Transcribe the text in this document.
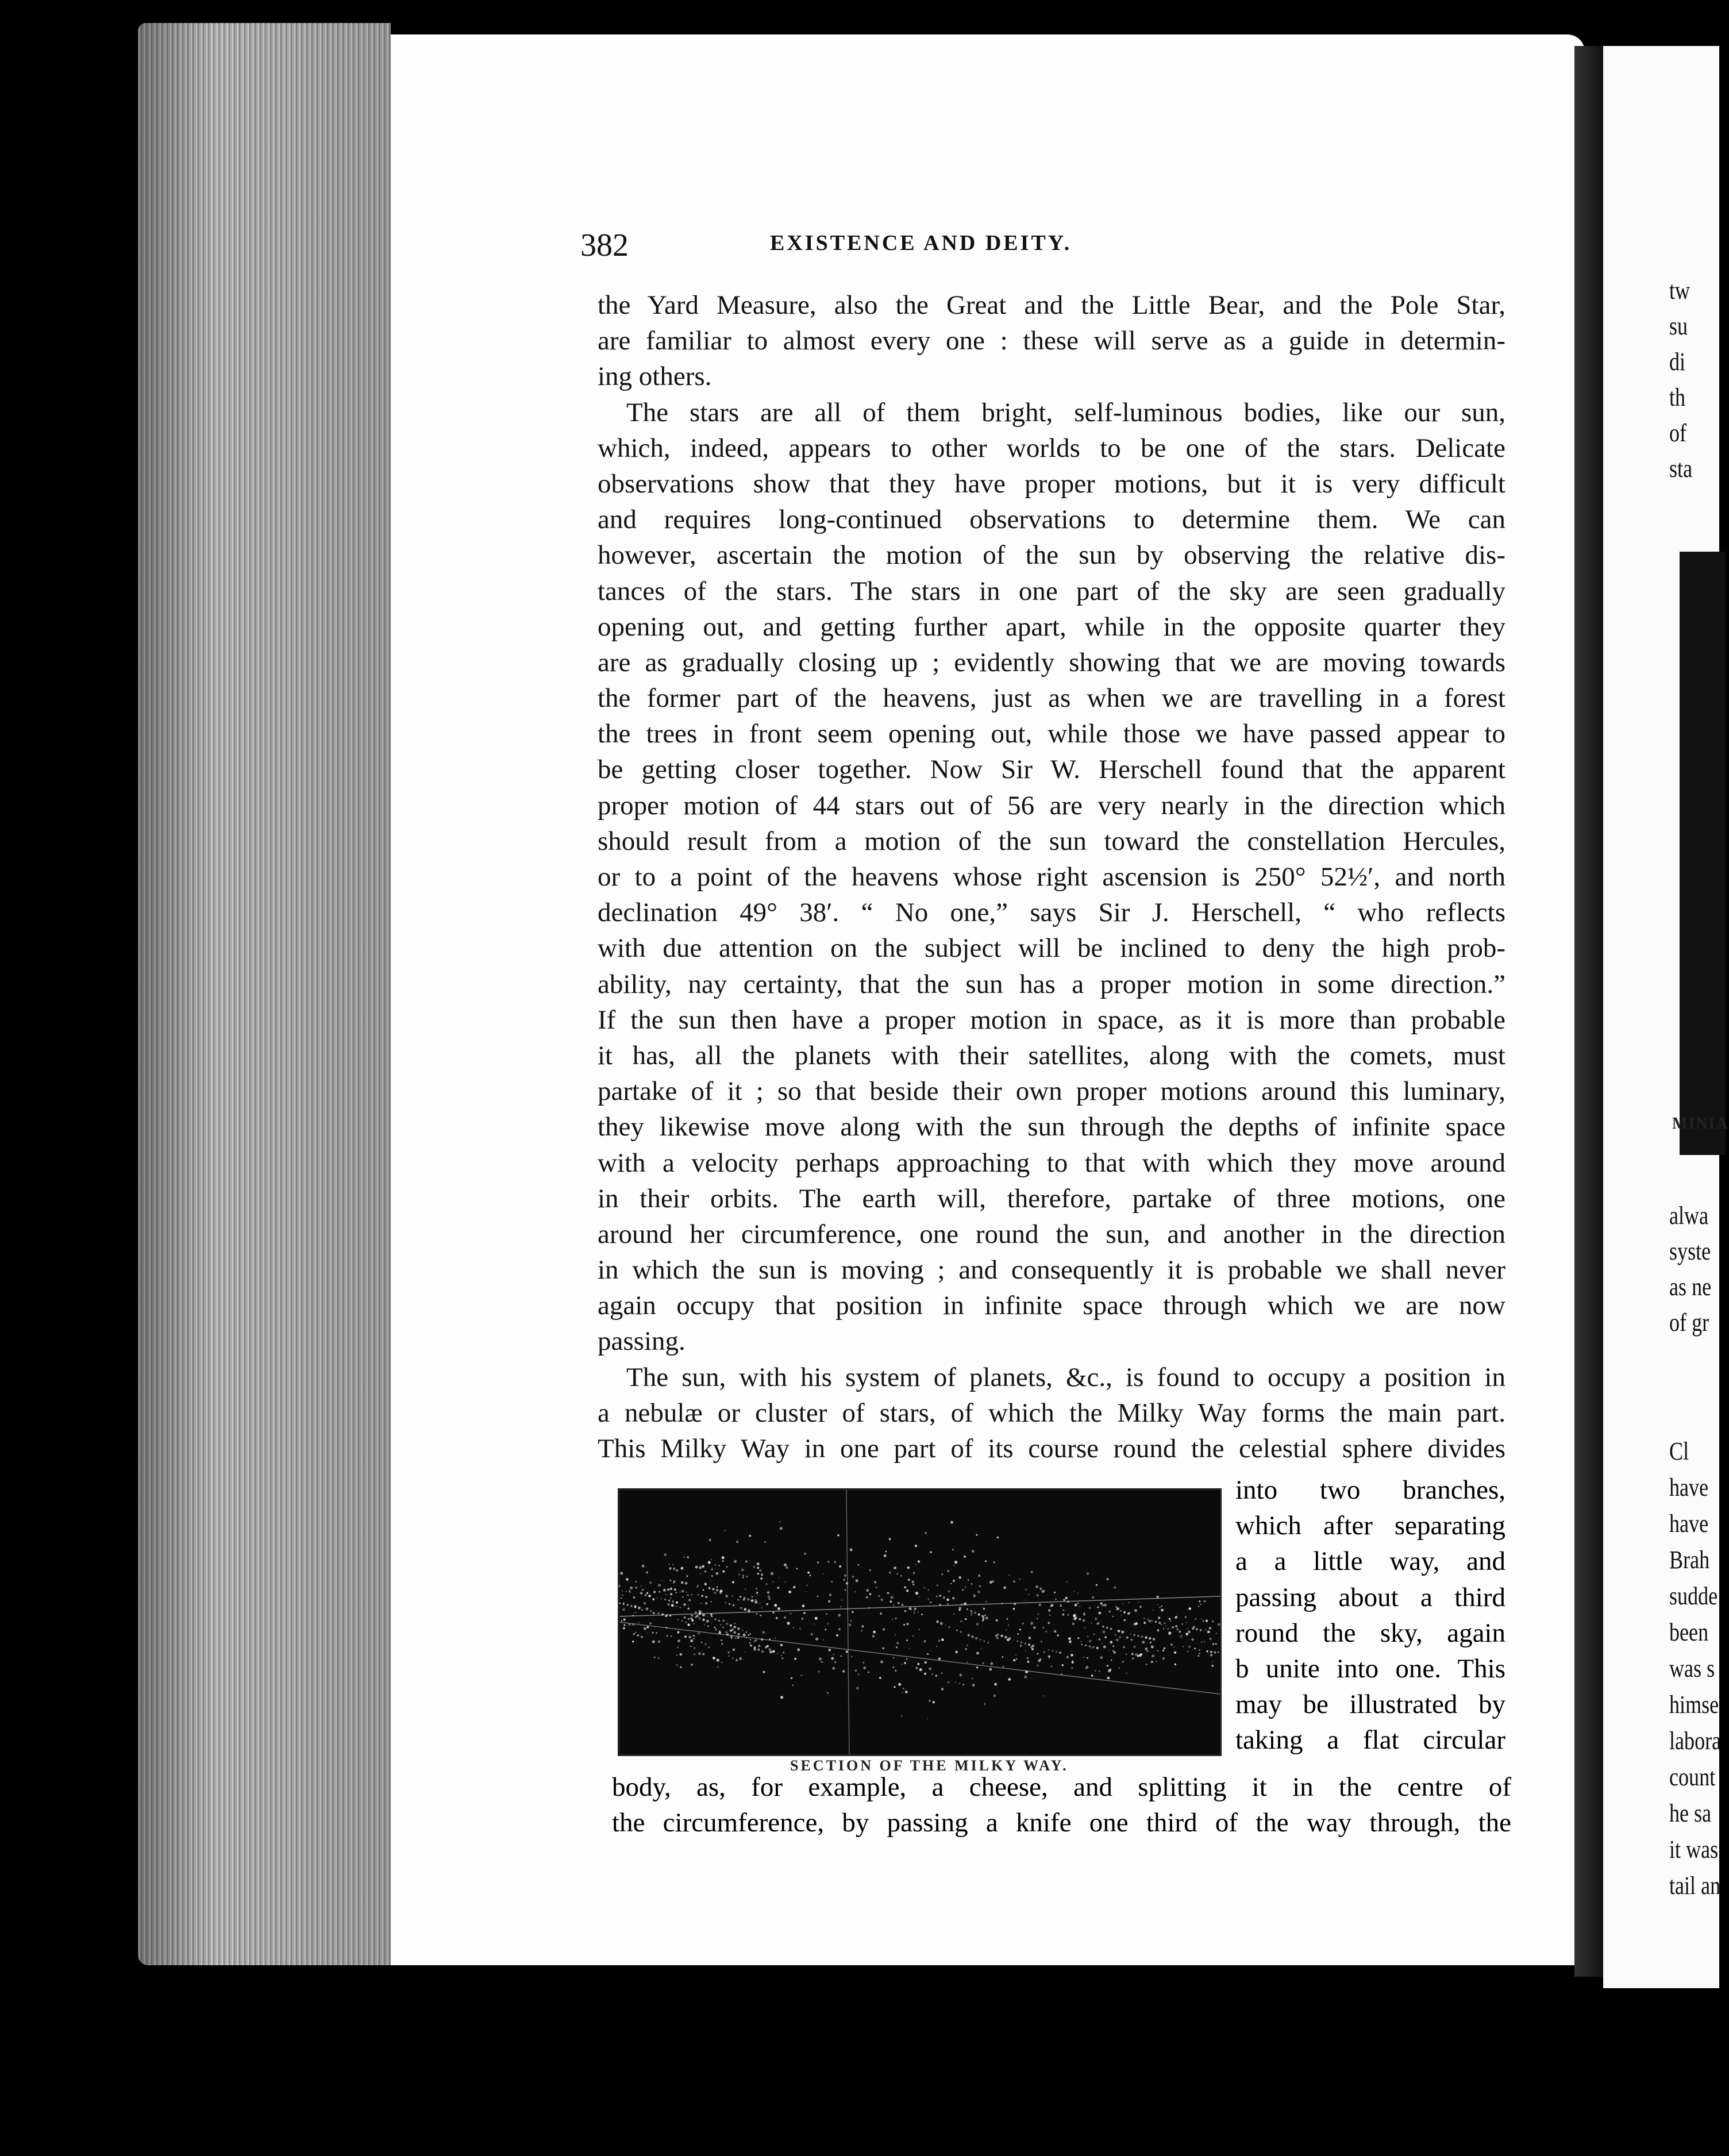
tw
su
di
th
of
sta
alwa
syste
as ne
of gr
Cl
have
have
Brah
sudde
been
was s
himse
labora
count
he sa
it was
tail an
MINIA
382	EXISTENCE AND DEITY.
the Yard Measure, also the Great and the Little Bear, and the Pole Star,
are familiar to almost every one : these will serve as a guide in determin-
ing others.
The stars are all of them bright, self-luminous bodies, like our sun,
which, indeed, appears to other worlds to be one of the stars. Delicate
observations show that they have proper motions, but it is very difficult
and requires long-continued observations to determine them. We can
however, ascertain the motion of the sun by observing the relative dis-
tances of the stars. The stars in one part of the sky are seen gradually
opening out, and getting further apart, while in the opposite quarter they
are as gradually closing up ; evidently showing that we are moving towards
the former part of the heavens, just as when we are travelling in a forest
the trees in front seem opening out, while those we have passed appear to
be getting closer together. Now Sir W. Herschell found that the apparent
proper motion of 44 stars out of 56 are very nearly in the direction which
should result from a motion of the sun toward the constellation Hercules,
or to a point of the heavens whose right ascension is 250° 52½′, and north
declination 49° 38′. “ No one,” says Sir J. Herschell, “ who reflects
with due attention on the subject will be inclined to deny the high prob-
ability, nay certainty, that the sun has a proper motion in some direction.”
If the sun then have a proper motion in space, as it is more than probable
it has, all the planets with their satellites, along with the comets, must
partake of it ; so that beside their own proper motions around this luminary,
they likewise move along with the sun through the depths of infinite space
with a velocity perhaps approaching to that with which they move around
in their orbits. The earth will, therefore, partake of three motions, one
around her circumference, one round the sun, and another in the direction
in which the sun is moving ; and consequently it is probable we shall never
again occupy that position in infinite space through which we are now
passing.
The sun, with his system of planets, &c., is found to occupy a position in
a nebulæ or cluster of stars, of which the Milky Way forms the main part.
This Milky Way in one part of its course round the celestial sphere divides
SECTION OF THE MILKY WAY.
into two branches,
which after separating
a a little way, and
passing about a third
round the sky, again
b unite into one. This
may be illustrated by
taking a flat circular
body, as, for example, a cheese, and splitting it in the centre of
the circumference, by passing a knife one third of the way through, the
